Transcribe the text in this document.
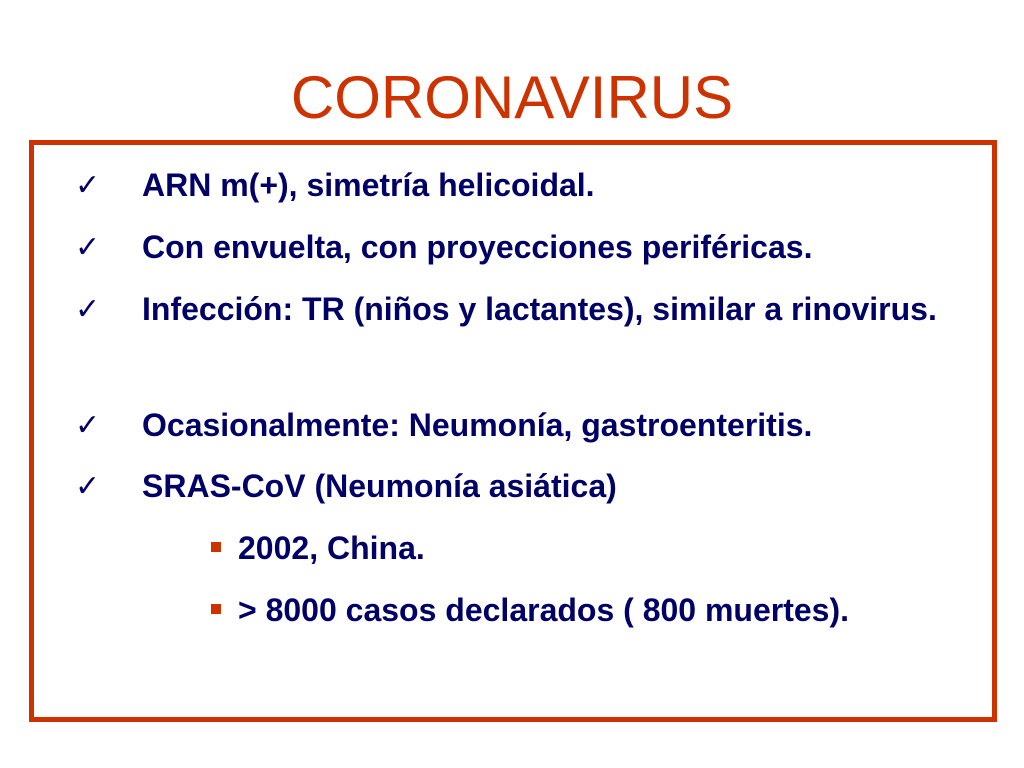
CORONAVIRUS
✓ ARN m(+), simetría helicoidal.
✓ Con envuelta, con proyecciones periféricas.
✓ Infección: TR (niños y lactantes), similar a rinovirus.
✓ Ocasionalmente: Neumonía, gastroenteritis.
✓ SRAS-CoV (Neumonía asiática)
2002, China.
> 8000 casos declarados ( 800 muertes).
